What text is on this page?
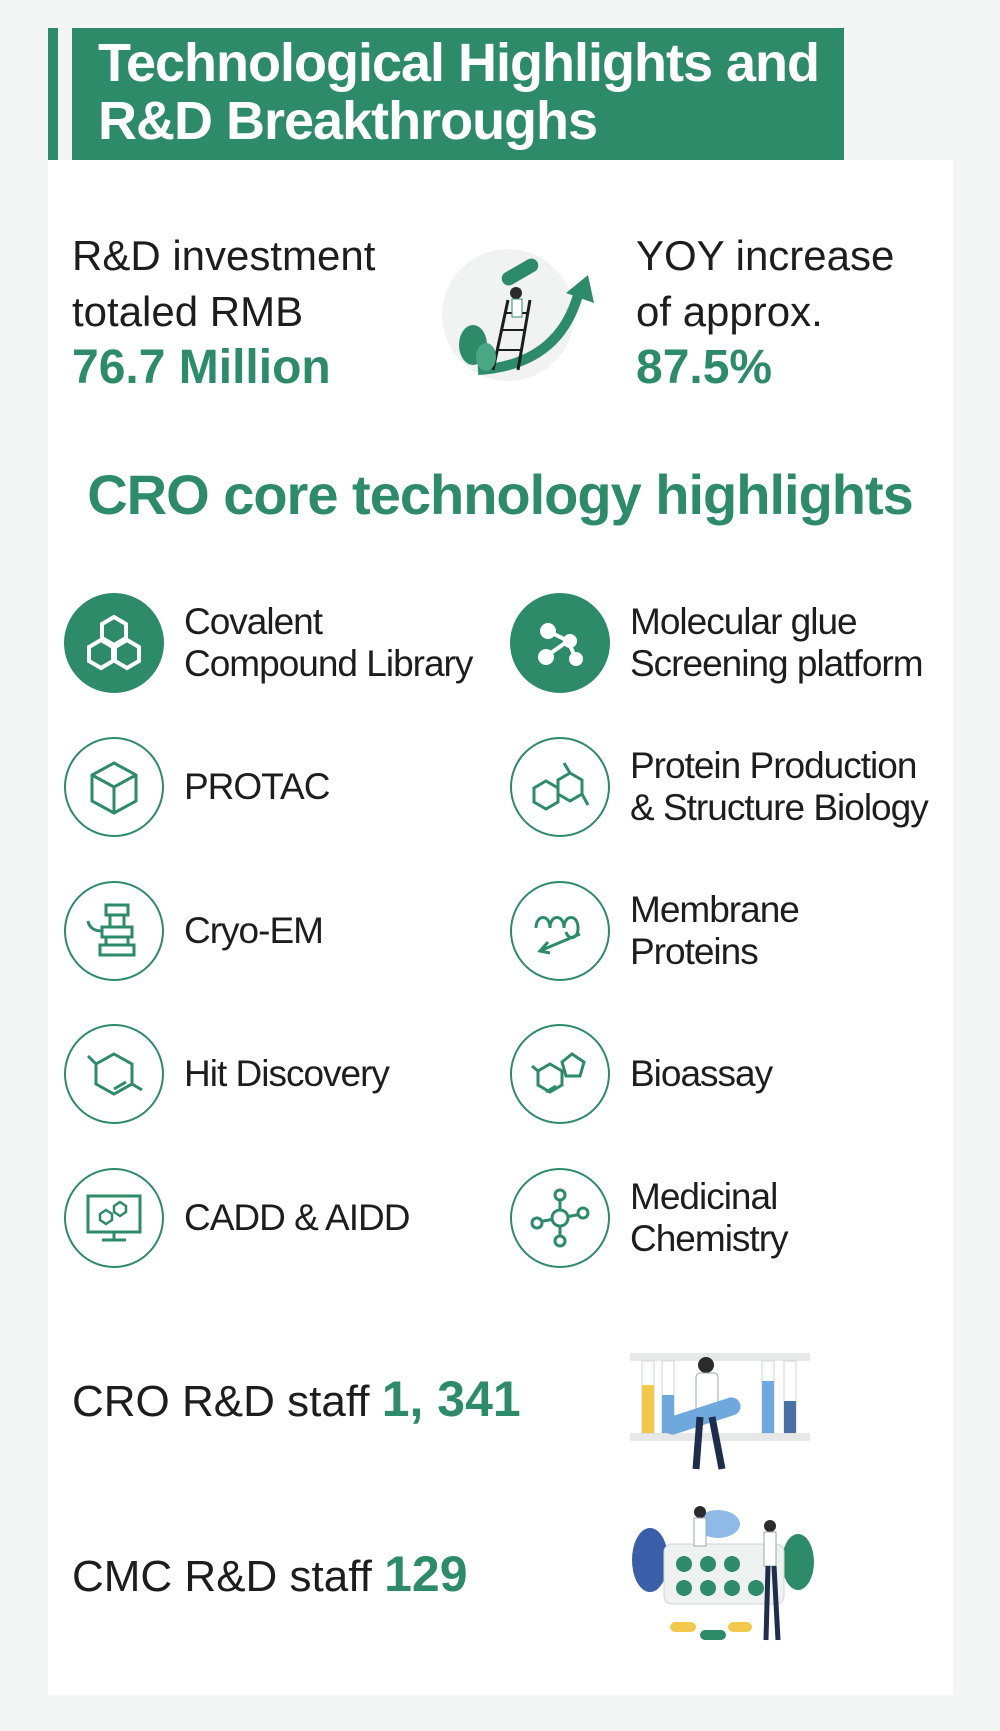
Technological Highlights and
R&D Breakthroughs
R&D investment
totaled RMB
76.7 Million
YOY increase
of approx.
87.5%
CRO core technology highlights
Covalent
Compound Library
Molecular glue
Screening platform
PROTAC
Protein Production
& Structure Biology
Cryo-EM
Membrane
Proteins
Hit Discovery	Bioassay
CADD & AIDD
Medicinal
Chemistry
CRO R&D staff 1, 341
CMC R&D staff 129
